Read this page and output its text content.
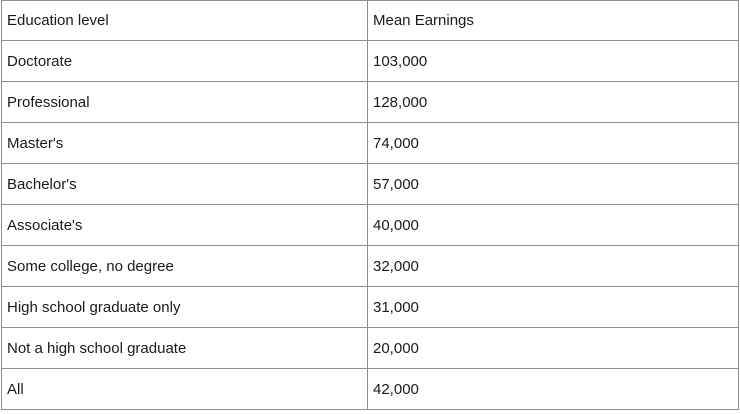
Education level	Mean Earnings
Doctorate	103,000
Professional	128,000
Master's	74,000
Bachelor's	57,000
Associate's	40,000
Some college, no degree	32,000
High school graduate only	31,000
Not a high school graduate	20,000
All	42,000
